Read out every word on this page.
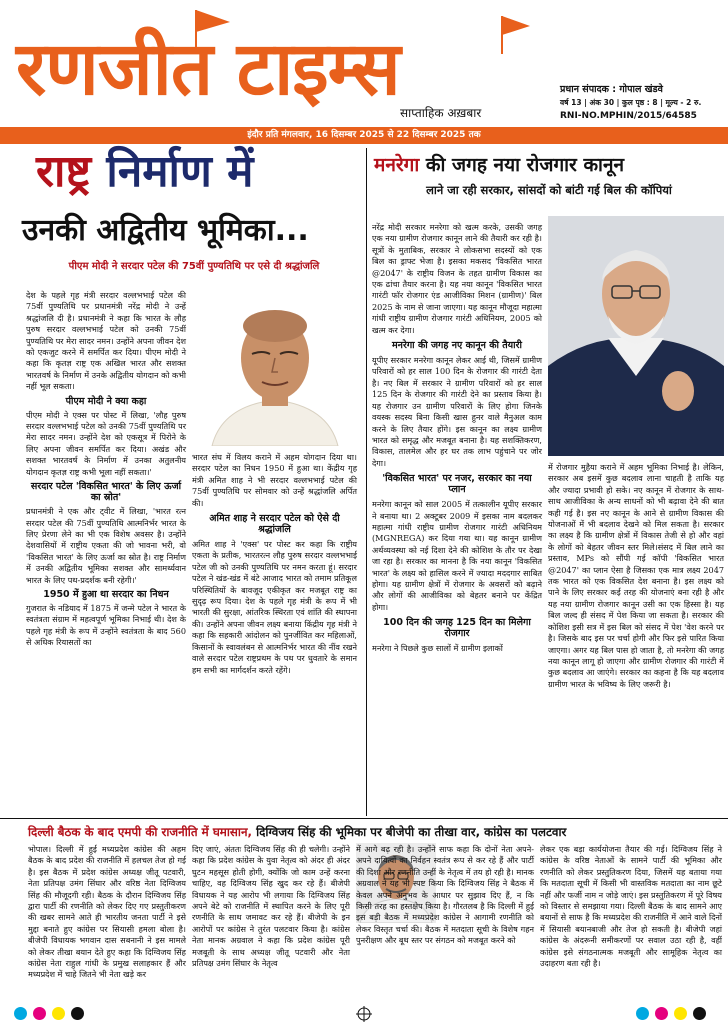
रणजीत टाइम्स
साप्ताहिक अख़बार
प्रधान संपादक : गोपाल खंडवे
वर्ष 13 | अंक 30 | कुल पृष्ठ : 8 | मूल्य - 2 रु.
RNI-NO.MPHIN/2015/64585
इंदौर प्रति मंगलवार, 16 दिसम्बर 2025 से 22 दिसम्बर 2025 तक
राष्ट्र निर्माण में
उनकी अद्वितीय भूमिका...
पीएम मोदी ने सरदार पटेल की 75वीं पुण्यतिथि पर एसे दी श्रद्धांजलि

देश के पहले गृह मंत्री सरदार वल्लभभाई पटेल की 75वीं पुण्यतिथि पर प्रधानमंत्री नरेंद्र मोदी ने उन्हें श्रद्धांजलि दी है। प्रधानमंत्री ने कहा कि भारत के लौह पुरुष सरदार वल्लभभाई पटेल को उनकी 75वीं पुण्यतिथि पर मेरा सादर नमन। उन्होंने अपना जीवन देश को एकजुट करने में समर्पित कर दिया। पीएम मोदी ने कहा कि कृतज्ञ राष्ट्र एक अखिल भारत और सशक्त भारतवर्ष के निर्माण में उनके अद्वितीय योगदान को कभी नहीं भूल सकता।

पीएम मोदी ने क्या कहा

पीएम मोदी ने एक्स पर पोस्ट में लिखा, 'लौह पुरुष सरदार वल्लभभाई पटेल को उनकी 75वीं पुण्यतिथि पर मेरा सादर नमन। उन्होंने देश को एकसूत्र में पिरोने के लिए अपना जीवन समर्पित कर दिया। अखंड और सशक्त भारतवर्ष के निर्माण में उनका अतुलनीय योगदान कृतज्ञ राष्ट्र कभी भूला नहीं सकता।'

सरदार पटेल 'विकसित भारत' के लिए ऊर्जा का स्रोत'

प्रधानमंत्री ने एक और ट्वीट में लिखा, 'भारत रत्न सरदार पटेल की 75वीं पुण्यतिथि आत्मनिर्भर भारत के लिए प्रेरणा लेने का भी एक विशेष अवसर है। उन्होंने देशवासियों में राष्ट्रीय एकता की जो भावना भरी, वो 'विकसित भारत' के लिए ऊर्जा का स्रोत है। राष्ट्र निर्माण में उनकी अद्वितीय भूमिका सशक्त और सामर्थ्यवान भारत के लिए पथ-प्रदर्शक बनी रहेगी।'

1950 में हुआ था सरदार का निधन

गुजरात के नडियाद में 1875 में जन्मे पटेल ने भारत के स्वतंत्रता संग्राम में महत्वपूर्ण भूमिका निभाई थी। देश के पहले गृह मंत्री के रूप में उन्होंने स्वतंत्रता के बाद 560 से अधिक रियासतों का

भारत संघ में विलय कराने में अहम योगदान दिया था। सरदार पटेल का निधन 1950 में हुआ था। केंद्रीय गृह मंत्री अमित शाह ने भी सरदार वल्लभभाई पटेल की 75वीं पुण्यतिथि पर सोमवार को उन्हें श्रद्धांजलि अर्पित की।

अमित शाह ने सरदार पटेल को ऐसे दी श्रद्धांजलि

अमित शाह ने 'एक्स' पर पोस्ट कर कहा कि राष्ट्रीय एकता के प्रतीक, भारतरत्न लौह पुरुष सरदार वल्लभभाई पटेल जी को उनकी पुण्यतिथि पर नमन करता हूं। सरदार पटेल ने खंड-खंड में बंटे आजाद भारत को तमाम प्रतिकूल परिस्थितियों के बावजूद एकीकृत कर मजबूत राष्ट्र का सुदृढ़ रूप दिया। देश के पहले गृह मंत्री के रूप में भी भारती की सुरक्षा, आंतरिक स्थिरता एवं शांति की स्थापना की। उन्होंने अपना जीवन लक्ष्य बनाया किंद्रीय गृह मंत्री ने कहा कि सहकारी आंदोलन को पुनर्जीवित कर महिलाओं, किसानों के स्वावलंबन से आत्मनिर्भर भारत की नींव रखने वाले सरदार पटेल राष्ट्रप्रथम के पथ पर धुवतारे के समान हम सभी का मार्गदर्शन करते रहेंगे।

मनरेगा की जगह नया रोजगार कानून
लाने जा रही सरकार, सांसदों को बांटी गई बिल की कॉपियां

नरेंद्र मोदी सरकार मनरेगा को खत्म करके, उसकी जगह एक नया ग्रामीण रोजगार कानून लाने की तैयारी कर रही है। सूत्रों के मुताबिक, सरकार ने लोकसभा सदस्यों को एक बिल का ड्राफ्ट भेजा है। इसका मकसद 'विकसित भारत @2047' के राष्ट्रीय विजन के तहत ग्रामीण विकास का एक ढांचा तैयार करना है। यह नया कानून 'विकसित भारत गारंटी फॉर रोजगार एंड आजीविका मिशन (ग्रामीण)' बिल 2025 के नाम से जाना जाएगा। यह कानून मौजूदा महात्मा गांधी राष्ट्रीय ग्रामीण रोजगार गारंटी अधिनियम, 2005 को खत्म कर देगा।

मनरेगा की जगह नए कानून की तैयारी

यूपीए सरकार मनरेगा कानून लेकर आई थी, जिसमें ग्रामीण परिवारों को हर साल 100 दिन के रोजगार की गारंटी देता है। नए बिल में सरकार ने ग्रामीण परिवारों को हर साल 125 दिन के रोजगार की गारंटी देने का प्रस्ताव किया है। यह रोजगार उन ग्रामीण परिवारों के लिए होगा जिनके वयस्क सदस्य बिना किसी खास हुनर वाले मैनुअल काम करने के लिए तैयार होंगे। इस कानून का लक्ष्य ग्रामीण भारत को समृद्ध और मजबूत बनाना है। यह सशक्तिकरण, विकास, तालमेल और हर घर तक लाभ पहुंचाने पर जोर देगा।

'विकसित भारत' पर नजर, सरकार का नया प्लान

मनरेगा कानून को साल 2005 में तत्कालीन यूपीए सरकार ने बनाया था। 2 अक्टूबर 2009 में इसका नाम बदलकर महात्मा गांधी राष्ट्रीय ग्रामीण रोजगार गारंटी अधिनियम (MGNREGA) कर दिया गया था। यह कानून ग्रामीण अर्थव्यवस्था को नई दिशा देने की कोशिश के तौर पर देखा जा रहा है। सरकार का मानना है कि नया कानून 'विकसित भारत' के लक्ष्य को हासिल करने में ज्यादा मददगार साबित होगा। यह ग्रामीण क्षेत्रों में रोजगार के अवसरों को बढ़ाने और लोगों की आजीविका को बेहतर बनाने पर केंद्रित होगा।

100 दिन की जगह 125 दिन का मिलेगा रोजगार

मनरेगा ने पिछले कुछ सालों में ग्रामीण इलाकों

में रोजगार मुहैया कराने में अहम भूमिका निभाई है। लेकिन, सरकार अब इसमें कुछ बदलाव लाना चाहती है ताकि यह और ज्यादा प्रभावी हो सके। नए कानून में रोजगार के साथ-साथ आजीविका के अन्य साधनों को भी बढ़ावा देने की बात कही गई है। इस नए कानून के आने से ग्रामीण विकास की योजनाओं में भी बदलाव देखने को मिल सकता है। सरकार का लक्ष्य है कि ग्रामीण क्षेत्रों में विकास तेजी से हो और वहां के लोगों को बेहतर जीवन स्तर मिले।संसद में बिल लाने का प्रस्ताव, MPs को सौंपी गई कॉपी 'विकसित भारत @2047' का प्लान ऐसा है जिसका एक मात्र लक्ष्य 2047 तक भारत को एक विकसित देश बनाना है। इस लक्ष्य को पाने के लिए सरकार कई तरह की योजनाएं बना रही है और यह नया ग्रामीण रोजगार कानून उसी का एक हिस्सा है। यह बिल जल्द ही संसद में पेश किया जा सकता है। सरकार की कोशिश इसी सत्र में इस बिल को संसद में पेश 'वेश करने पर है। जिसके बाद इस पर चर्चा होगी और फिर इसे पारित किया जाएगा। अगर यह बिल पास हो जाता है, तो मनरेगा की जगह नया कानून लागू हो जाएगा और ग्रामीण रोजगार की गारंटी में कुछ बदलाव आ जाएंगे। सरकार का कहना है कि यह बदलाव ग्रामीण भारत के भविष्य के लिए जरूरी है।

दिल्ली बैठक के बाद एमपी की राजनीति में घमासान, दिग्विजय सिंह की भूमिका पर बीजेपी का तीखा वार, कांग्रेस का पलटवार

भोपाल। दिल्ली में हुई मध्यप्रदेश कांग्रेस की अहम बैठक के बाद प्रदेश की राजनीति में हलचल तेज हो गई है। इस बैठक में प्रदेश कांग्रेस अध्यक्ष जीतू पटवारी, नेता प्रतिपक्ष उमंग सिंघार और वरिष्ठ नेता दिग्विजय सिंह की मौजूदगी रही। बैठक के दौरान दिग्विजय सिंह द्वारा पार्टी की रणनीति को लेकर दिए गए प्रस्तुतीकरण की खबर सामने आते ही भारतीय जनता पार्टी ने इसे मुद्दा बनाते हुए कांग्रेस पर सियासी हमला बोला है। बीजेपी विधायक भगवान दास सबनानी ने इस मामले को लेकर तीखा बयान देते हुए कहा कि दिग्विजय सिंह कांग्रेस नेता राहुल गांधी के प्रमुख सलाहकार हैं और मध्यप्रदेश में चाहे जितने भी नेता खड़े कर

दिए जाएं, अंततः दिग्विजय सिंह की ही चलेगी। उन्होंने कहा कि प्रदेश कांग्रेस के युवा नेतृत्व को अंदर ही अंदर घुटन महसूस होती होगी, क्योंकि जो काम उन्हें करना चाहिए, वह दिग्विजय सिंह खुद कर रहे हैं। बीजेपी विधायक ने यह आरोप भी लगाया कि दिग्विजय सिंह अपने बेटे को राजनीति में स्थापित करने के लिए पूरी रणनीति के साथ जमावट कर रहे हैं। बीजेपी के इन आरोपों पर कांग्रेस ने तुरंत पलटवार किया है। कांग्रेस नेता मानक अग्रवाल ने कहा कि प्रदेश कांग्रेस पूरी मजबूती के साथ अध्यक्ष जीतू पटवारी और नेता प्रतिपक्ष उमंग सिंघार के नेतृत्व

में आगे बढ़ रही है। उन्होंने साफ कहा कि दोनों नेता अपने-अपने दायित्वों का निर्वहन स्वतंत्र रूप से कर रहे हैं और पार्टी की दिशा और रणनीति उन्हीं के नेतृत्व में तय हो रही है। मानक अग्रवाल ने यह भी स्पष्ट किया कि दिग्विजय सिंह ने बैठक में केवल अपने अनुभव के आधार पर सुझाव दिए हैं, न कि किसी तरह का हस्तक्षेप किया है। गौरतलब है कि दिल्ली में हुई इस बड़ी बैठक में मध्यप्रदेश कांग्रेस ने आगामी रणनीति को लेकर विस्तृत चर्चा की। बैठक में मतदाता सूची के विशेष गहन पुनरीक्षण और बूथ स्तर पर संगठन को मजबूत करने को

लेकर एक बड़ा कार्ययोजना तैयार की गई। दिग्विजय सिंह ने कांग्रेस के वरिष्ठ नेताओं के सामने पार्टी की भूमिका और रणनीति को लेकर प्रस्तुतिकरण दिया, जिसमें यह बताया गया कि मतदाता सूची में किसी भी वास्तविक मतदाता का नाम छूटे नहीं और फर्जी नाम न जोड़े जाएं। इस प्रस्तुतिकरण में पूरे विषय को विस्तार से समझाया गया। दिल्ली बैठक के बाद सामने आए बयानों से साफ है कि मध्यप्रदेश की राजनीति में आने वाले दिनों में सियासी बयानबाजी और तेज हो सकती है। बीजेपी जहां कांग्रेस के अंदरूनी समीकरणों पर सवाल उठा रही है, वहीं कांग्रेस इसे संगठनात्मक मजबूती और सामूहिक नेतृत्व का उदाहरण बता रही है।
